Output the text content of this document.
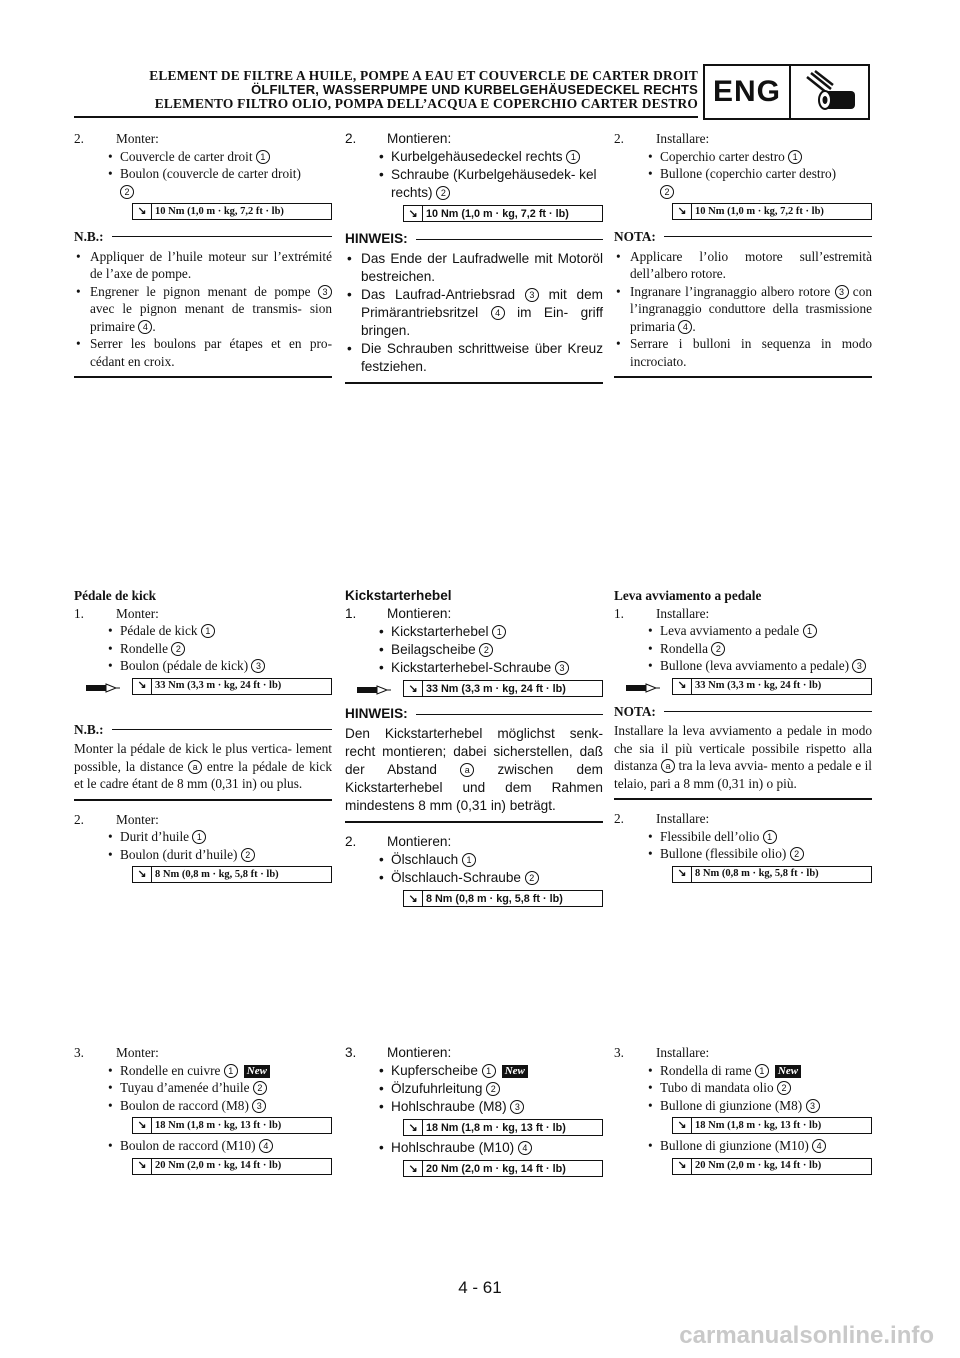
ELEMENT DE FILTRE A HUILE, POMPE A EAU ET COUVERCLE DE CARTER DROIT
ÖLFILTER, WASSERPUMPE UND KURBELGEHÄUSEDECKEL RECHTS
ELEMENTO FILTRO OLIO, POMPA DELL’ACQUA E COPERCHIO CARTER DESTRO ENG
2.	Monter:
• Couvercle de carter droit 1
• Boulon (couvercle de carter droit)
2
↘ 10 Nm (1,0 m · kg, 7,2 ft · lb)
N.B.:
• Appliquer de l’huile moteur sur l’extrémité de l’axe de pompe.
• Engrener le pignon menant de pompe 3 avec le pignon menant de transmis- sion primaire 4 .
• Serrer les boulons par étapes et en pro- cédant en croix.
2.	Montieren:
• Kurbelgehäusedeckel rechts 1
• Schraube (Kurbelgehäusedek- kel rechts) 2
↘ 10 Nm (1,0 m · kg, 7,2 ft · lb)
HINWEIS:
• Das Ende der Laufradwelle mit Motoröl bestreichen.
• Das Laufrad-Antriebsrad 3 mit dem Primärantriebsritzel 4 im Ein- griff bringen.
• Die Schrauben schrittweise über Kreuz festziehen.
2.	Installare:
• Coperchio carter destro 1
• Bullone (coperchio carter destro)
2
↘ 10 Nm (1,0 m · kg, 7,2 ft · lb)
NOTA:
• Applicare l’olio motore sull’estremità dell’albero rotore.
• Ingranare l’ingranaggio albero rotore 3 con l’ingranaggio conduttore della trasmissione primaria 4 .
• Serrare i bulloni in sequenza in modo incrociato.
Pédale de kick
1.	Monter:
• Pédale de kick 1
• Rondelle 2
• Boulon (pédale de kick) 3
↘ 33 Nm (3,3 m · kg, 24 ft · lb)
N.B.:
Monter la pédale de kick le plus vertica- lement possible, la distance a entre la pédale de kick et le cadre étant de 8 mm (0,31 in) ou plus.
2.	Monter:
• Durit d’huile 1
• Boulon (durit d’huile) 2
↘ 8 Nm (0,8 m · kg, 5,8 ft · lb)
Kickstarterhebel
1.	Montieren:
• Kickstarterhebel 1
• Beilagscheibe 2
• Kickstarterhebel-Schraube 3
↘ 33 Nm (3,3 m · kg, 24 ft · lb)
HINWEIS:
Den Kickstarterhebel möglichst senk- recht montieren; dabei sicherstellen, daß der Abstand	a zwischen dem Kickstarterhebel und dem Rahmen mindestens 8 mm (0,31 in) beträgt.
2.	Montieren:
• Ölschlauch 1
• Ölschlauch-Schraube 2
↘ 8 Nm (0,8 m · kg, 5,8 ft · lb)
Leva avviamento a pedale
1.	Installare:
• Leva avviamento a pedale 1
• Rondella 2
• Bullone (leva avviamento a pedale) 3
↘ 33 Nm (3,3 m · kg, 24 ft · lb)
NOTA:
Installare la leva avviamento a pedale in modo che sia il più verticale possibile rispetto alla distanza a tra la leva avvia- mento a pedale e il telaio, pari a 8 mm (0,31 in) o più.
2.	Installare:
• Flessibile dell’olio 1
• Bullone (flessibile olio) 2
↘ 8 Nm (0,8 m · kg, 5,8 ft · lb)
3.	Monter:
• Rondelle en cuivre 1 New
• Tuyau d’amenée d’huile 2
• Boulon de raccord (M8) 3
↘ 18 Nm (1,8 m · kg, 13 ft · lb)
• Boulon de raccord (M10) 4
↘ 20 Nm (2,0 m · kg, 14 ft · lb)
3.	Montieren:
• Kupferscheibe 1 New
• Ölzufuhrleitung 2
• Hohlschraube (M8) 3
↘ 18 Nm (1,8 m · kg, 13 ft · lb)
• Hohlschraube (M10) 4
↘ 20 Nm (2,0 m · kg, 14 ft · lb)
3.	Installare:
• Rondella di rame 1 New
• Tubo di mandata olio 2
• Bullone di giunzione (M8) 3
↘ 18 Nm (1,8 m · kg, 13 ft · lb)
• Bullone di giunzione (M10) 4
↘ 20 Nm (2,0 m · kg, 14 ft · lb)
4 - 61
carmanualsonline.info
